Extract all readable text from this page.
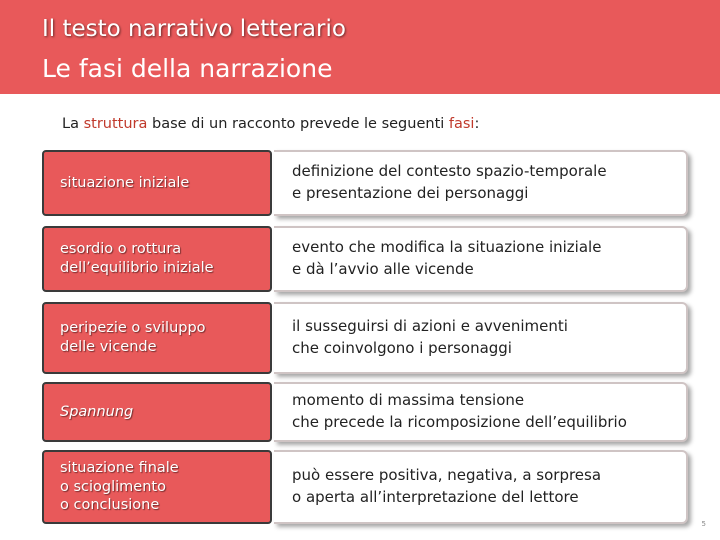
Il testo narrativo letterario
Le fasi della narrazione
La struttura base di un racconto prevede le seguenti fasi:
situazione iniziale
definizione del contesto spazio-temporale
e presentazione dei personaggi
esordio o rottura
dell’equilibrio iniziale
evento che modifica la situazione iniziale
e dà l’avvio alle vicende
peripezie o sviluppo
delle vicende
il susseguirsi di azioni e avvenimenti
che coinvolgono i personaggi
Spannung
momento di massima tensione
che precede la ricomposizione dell’equilibrio
situazione finale
o scioglimento
o conclusione
può essere positiva, negativa, a sorpresa
o aperta all’interpretazione del lettore
5
